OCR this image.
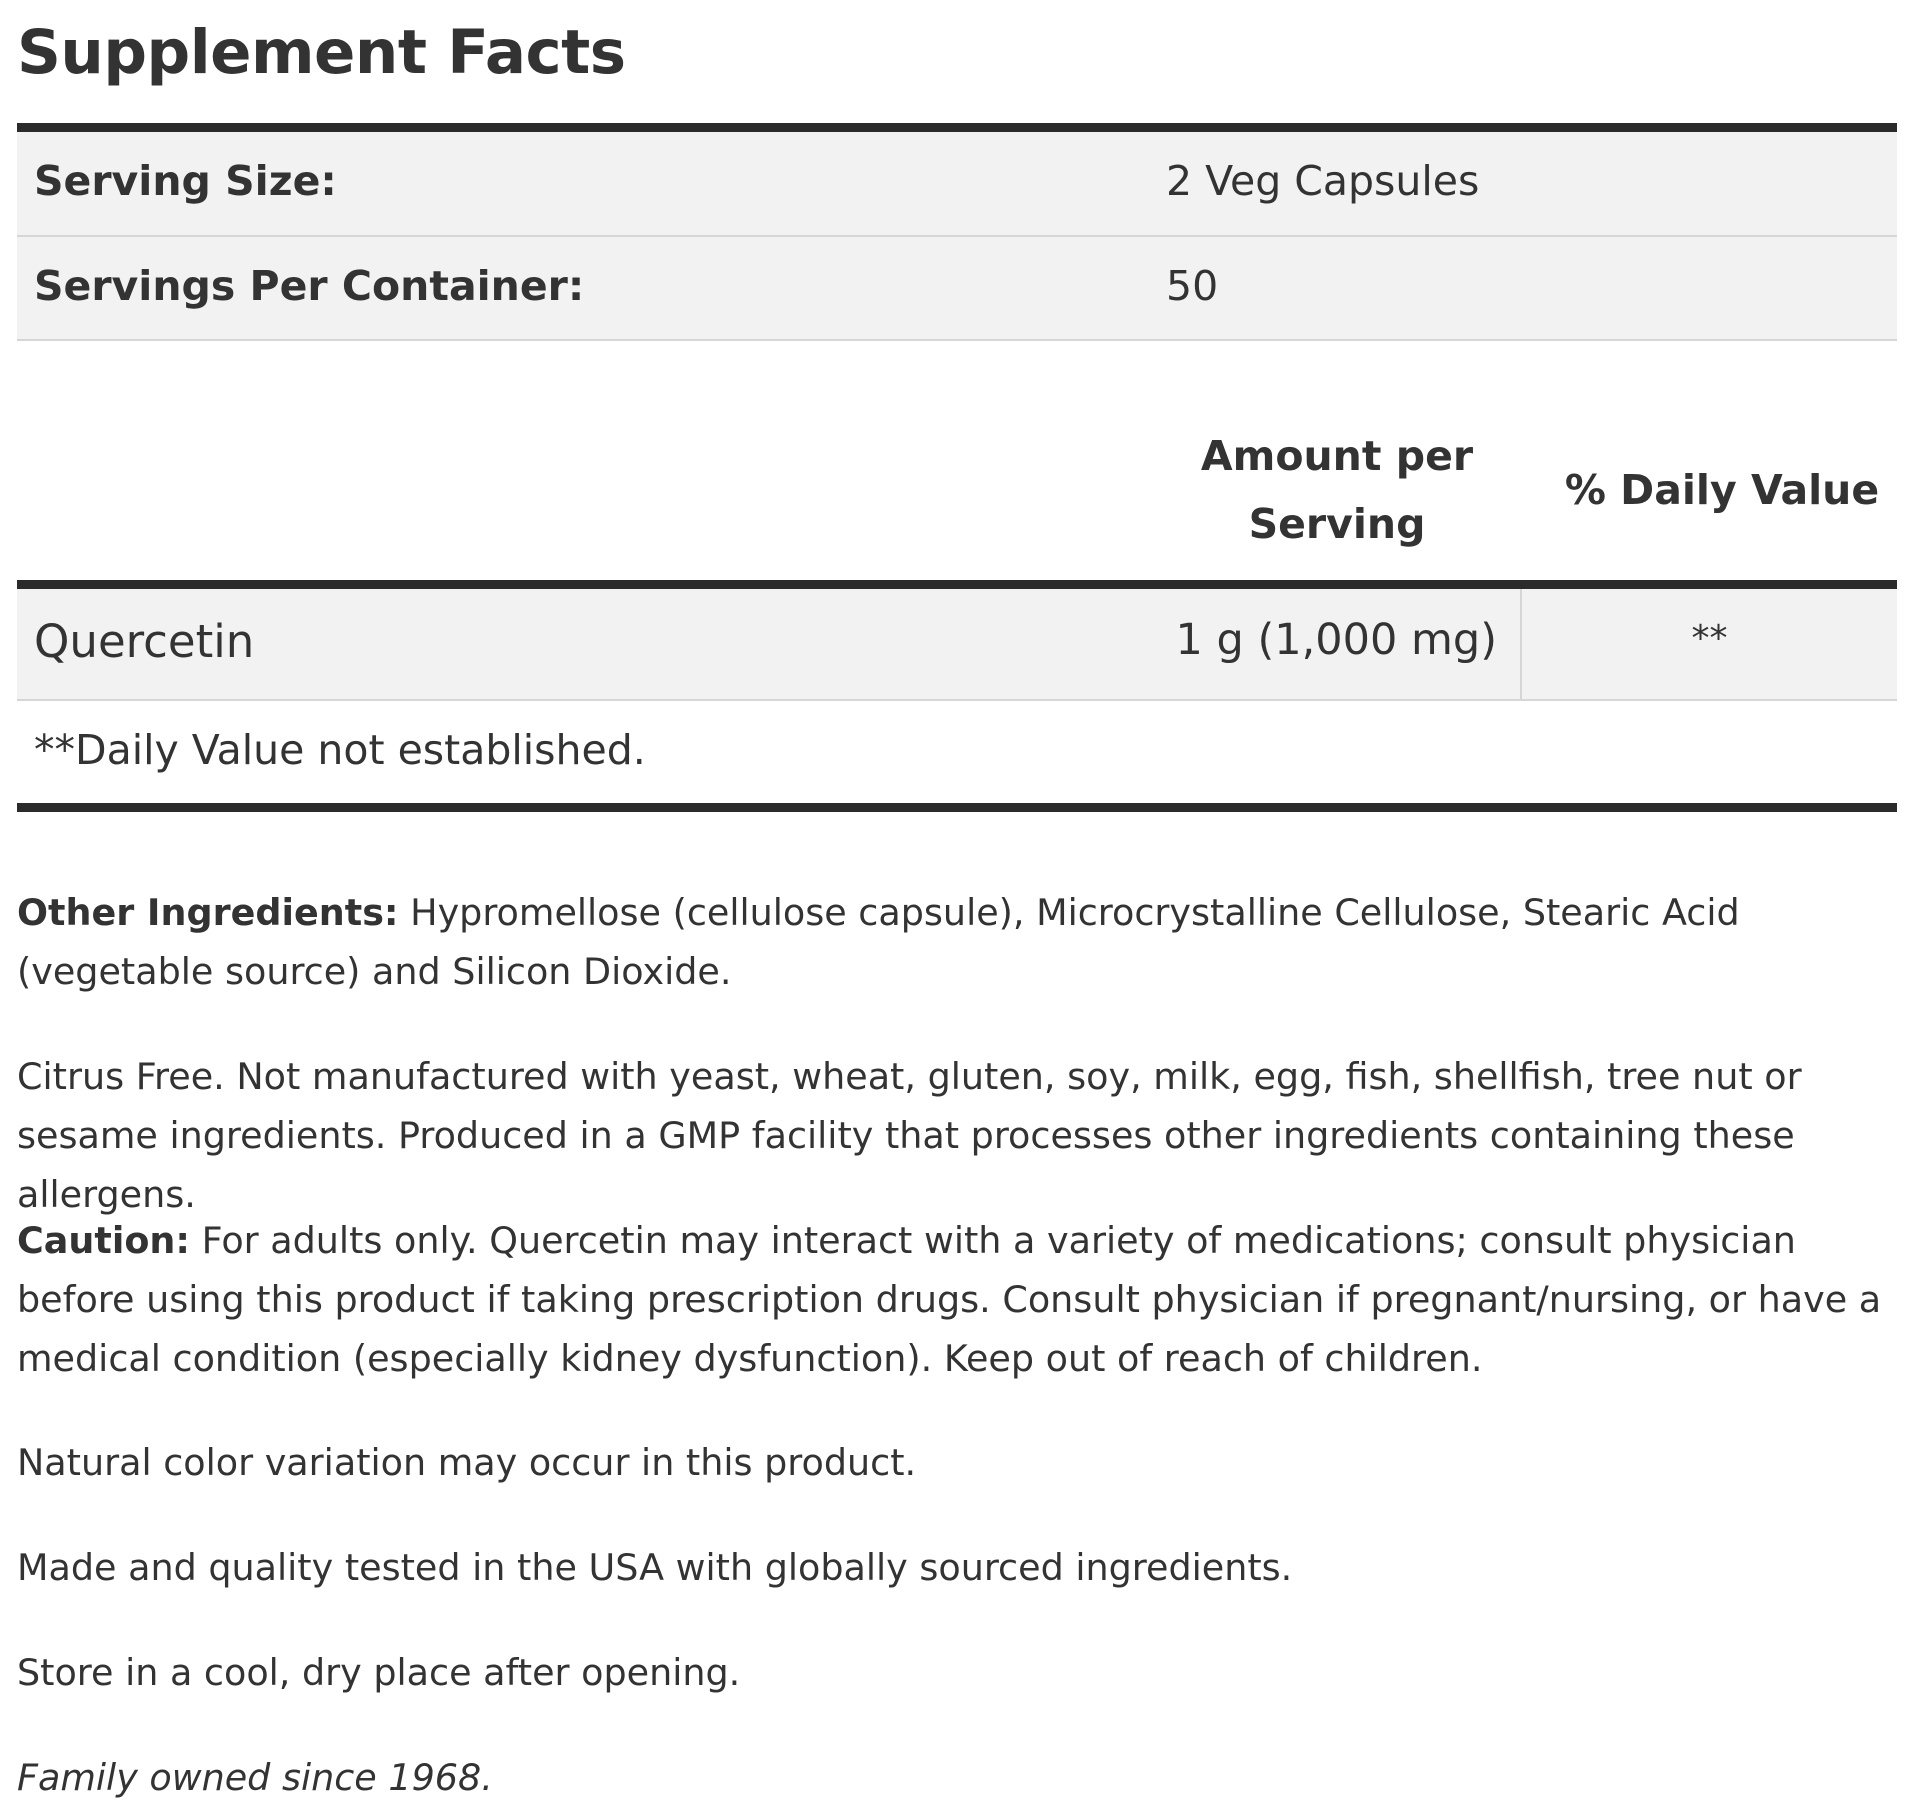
Supplement Facts
Serving Size:	2 Veg Capsules
Servings Per Container:	50
Amount per
Serving
% Daily Value
Quercetin	1 g (1,000 mg)	**
**Daily Value not established.

Other Ingredients: Hypromellose (cellulose capsule), Microcrystalline Cellulose, Stearic Acid (vegetable source) and Silicon Dioxide.

Citrus Free. Not manufactured with yeast, wheat, gluten, soy, milk, egg, fish, shellfish, tree nut or sesame ingredients. Produced in a GMP facility that processes other ingredients containing these allergens.

Caution: For adults only. Quercetin may interact with a variety of medications; consult physician before using this product if taking prescription drugs. Consult physician if pregnant/nursing, or have a medical condition (especially kidney dysfunction). Keep out of reach of children.

Natural color variation may occur in this product.

Made and quality tested in the USA with globally sourced ingredients.

Store in a cool, dry place after opening.

Family owned since 1968.
